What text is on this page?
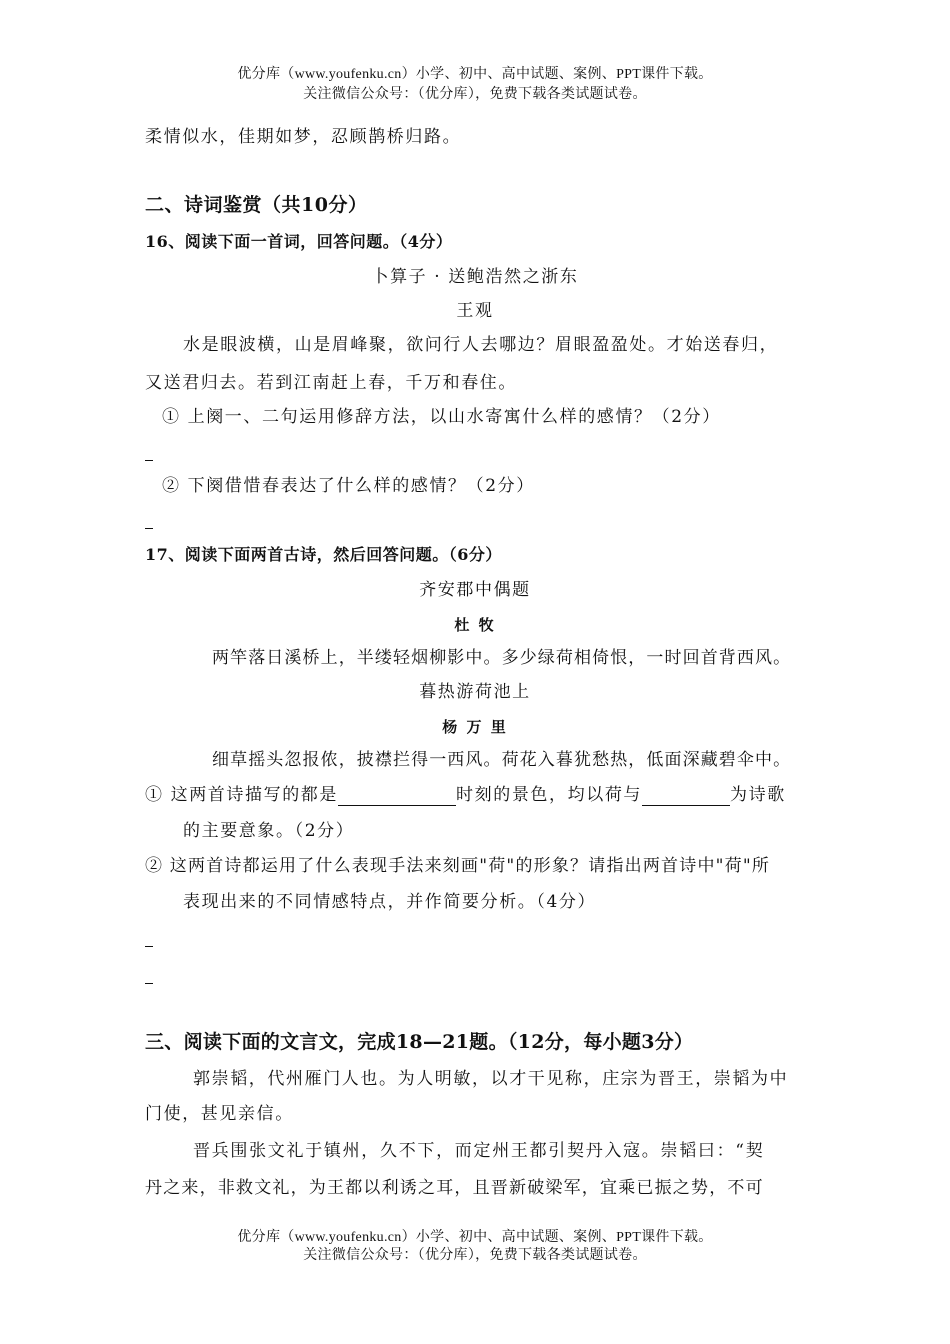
优分库（www.youfenku.cn）小学、初中、高中试题、案例、PPT课件下载。
关注微信公众号：（优分库），免费下载各类试题试卷。
柔情似水，佳期如梦，忍顾鹊桥归路。
二、诗词鉴赏（共10分）
16、阅读下面一首词，回答问题。（4分）
卜算子 · 送鲍浩然之浙东
王观
水是眼波横，山是眉峰聚，欲问行人去哪边？眉眼盈盈处。才始送春归，
又送君归去。若到江南赶上春，千万和春住。
① 上阕一、二句运用修辞方法，以山水寄寓什么样的感情？（2分）
② 下阕借惜春表达了什么样的感情？（2分）
17、阅读下面两首古诗，然后回答问题。（6分）
齐安郡中偶题
杜 牧
两竿落日溪桥上，半缕轻烟柳影中。多少绿荷相倚恨，一时回首背西风。
暮热游荷池上
杨 万 里
细草摇头忽报侬，披襟拦得一西风。荷花入暮犹愁热，低面深藏碧伞中。
① 这两首诗描写的都是	时刻的景色，均以荷与	为诗歌
的主要意象。（2分）
② 这两首诗都运用了什么表现手法来刻画"荷"的形象？请指出两首诗中"荷"所
表现出来的不同情感特点，并作简要分析。（4分）
三、阅读下面的文言文，完成18—21题。（12分，每小题3分）
郭崇韬，代州雁门人也。为人明敏，以才干见称，庄宗为晋王，崇韬为中
门使，甚见亲信。
晋兵围张文礼于镇州，久不下，而定州王都引契丹入寇。崇韬曰：“契
丹之来，非救文礼，为王都以利诱之耳，且晋新破梁军，宜乘已振之势，不可
优分库（www.youfenku.cn）小学、初中、高中试题、案例、PPT课件下载。
关注微信公众号：（优分库），免费下载各类试题试卷。
